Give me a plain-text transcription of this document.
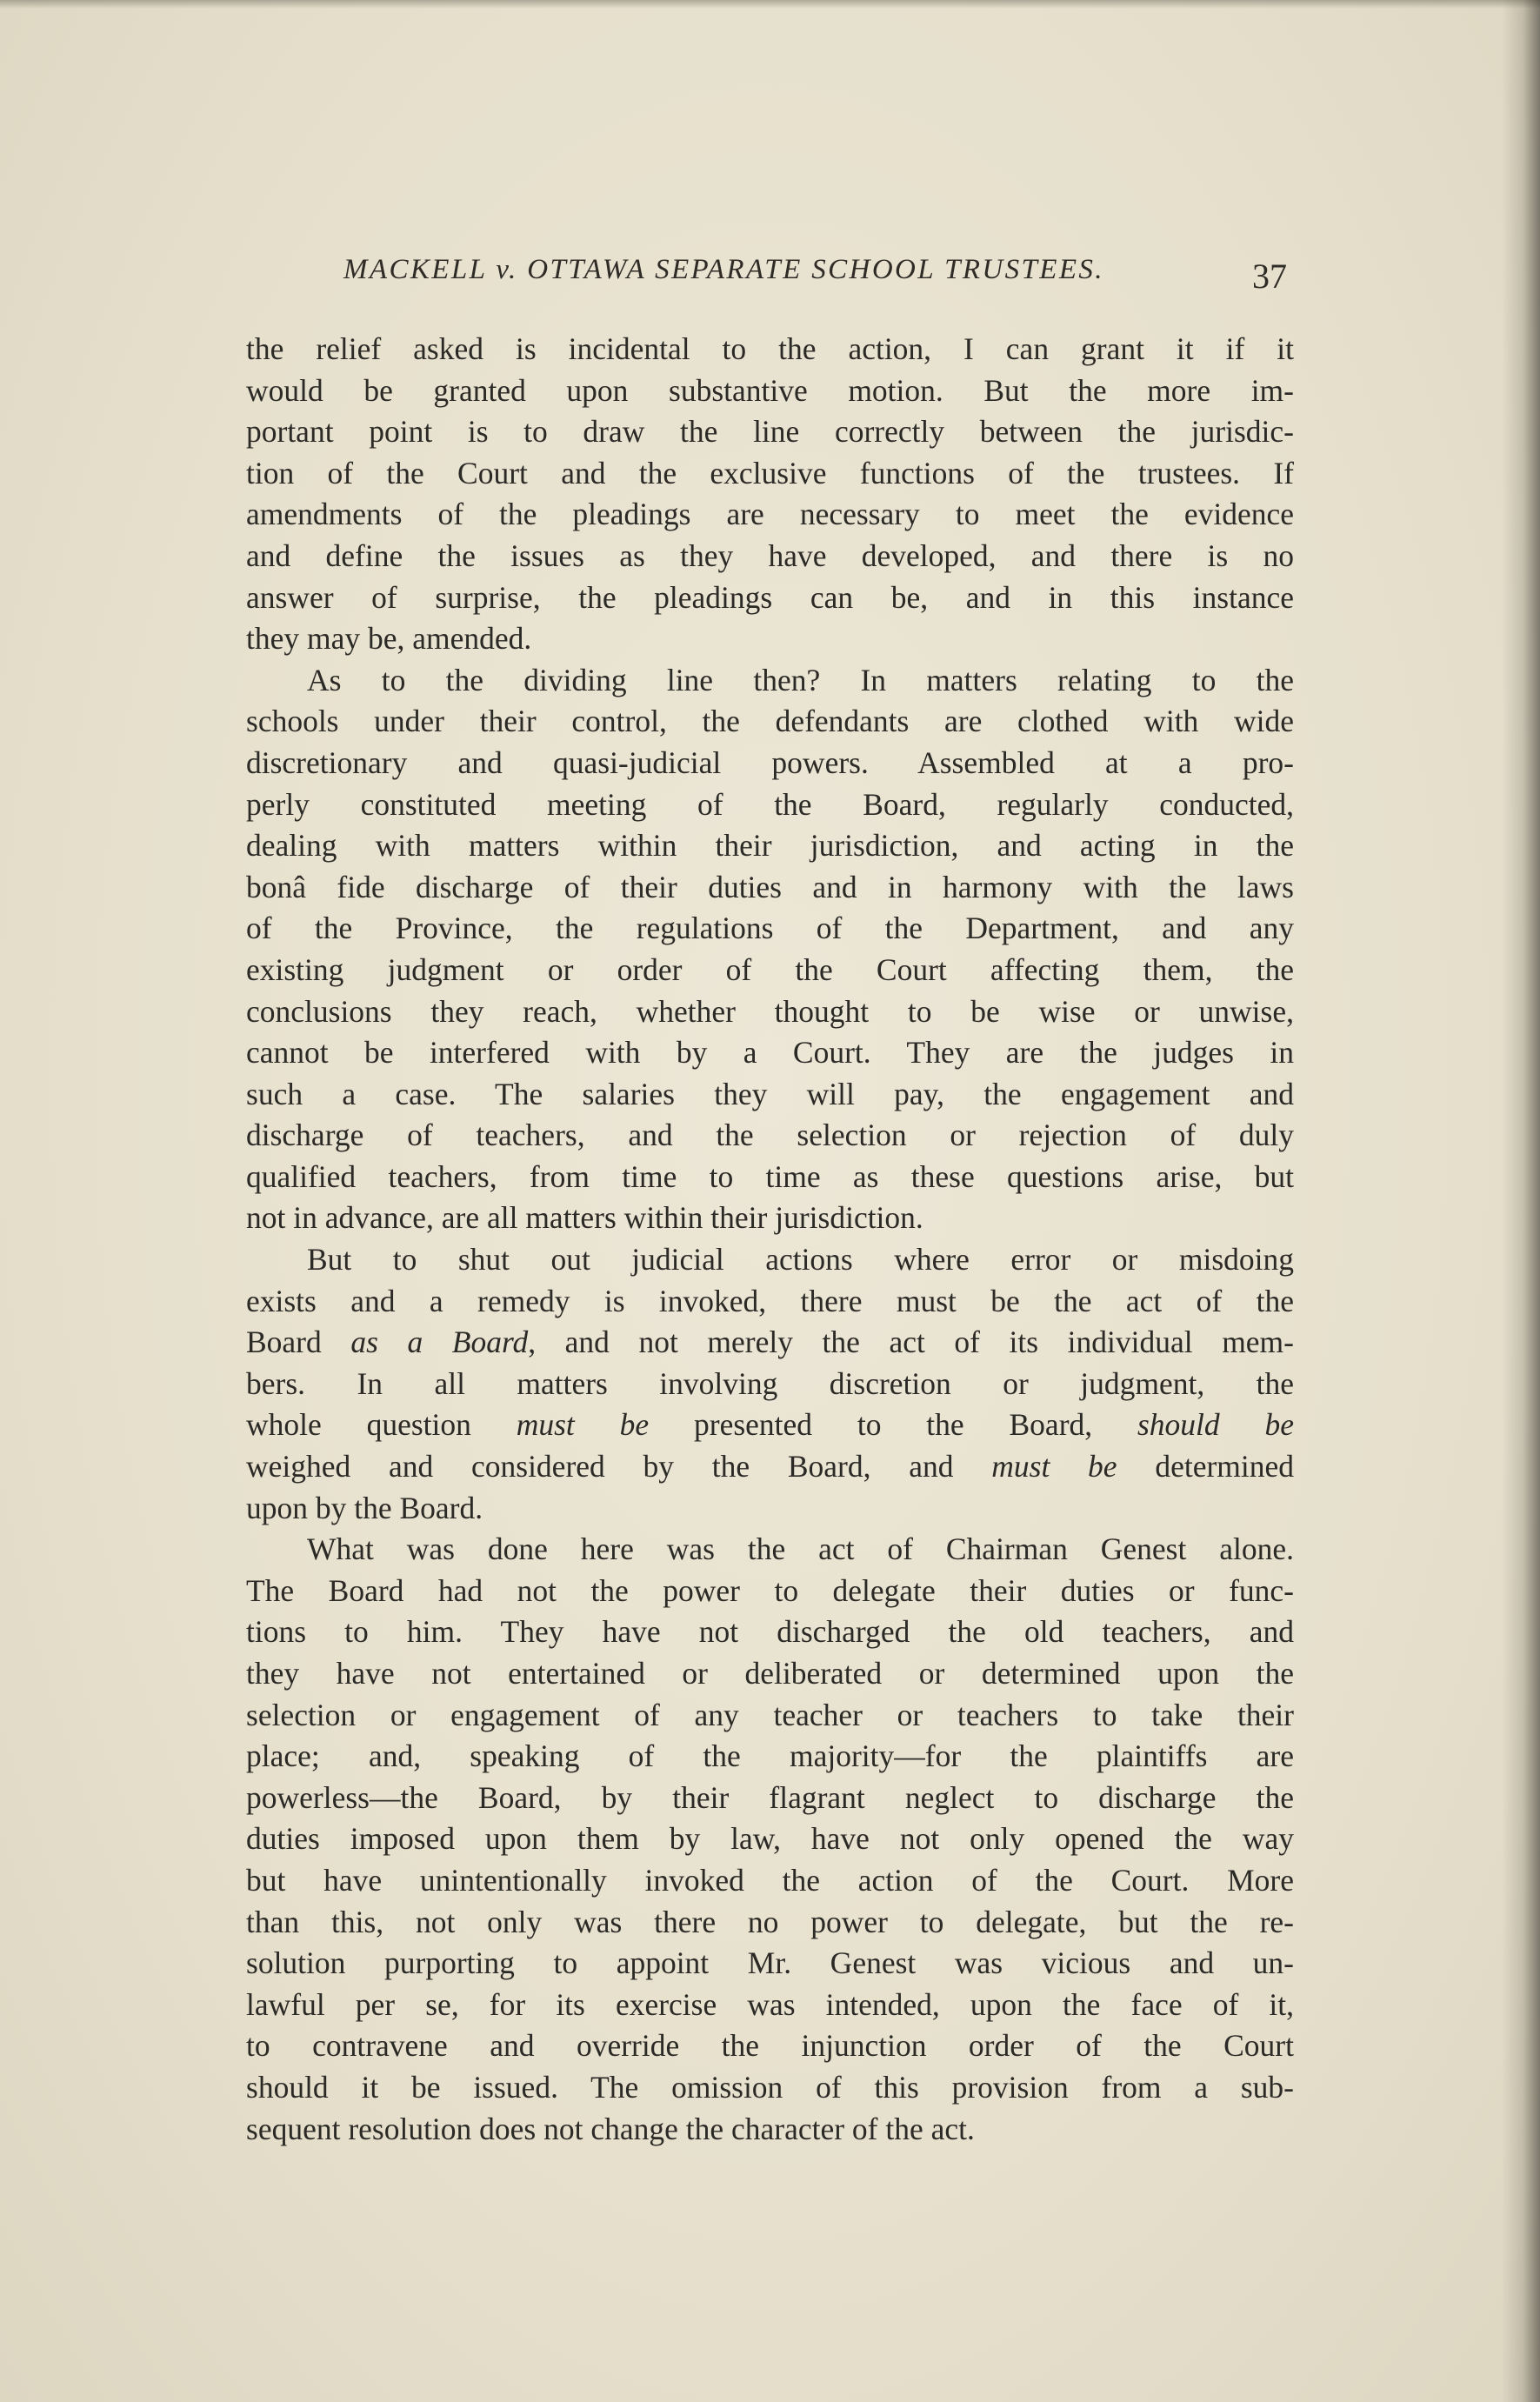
MACKELL v. OTTAWA SEPARATE SCHOOL TRUSTEES.	37
the relief asked is incidental to the action, I can grant it if it
would be granted upon substantive motion. But the more im-
portant point is to draw the line correctly between the jurisdic-
tion of the Court and the exclusive functions of the trustees. If
amendments of the pleadings are necessary to meet the evidence
and define the issues as they have developed, and there is no
answer of surprise, the pleadings can be, and in this instance
they may be, amended.
As to the dividing line then? In matters relating to the
schools under their control, the defendants are clothed with wide
discretionary and quasi-judicial powers. Assembled at a pro-
perly constituted meeting of the Board, regularly conducted,
dealing with matters within their jurisdiction, and acting in the
bonâ fide discharge of their duties and in harmony with the laws
of the Province, the regulations of the Department, and any
existing judgment or order of the Court affecting them, the
conclusions they reach, whether thought to be wise or unwise,
cannot be interfered with by a Court. They are the judges in
such a case. The salaries they will pay, the engagement and
discharge of teachers, and the selection or rejection of duly
qualified teachers, from time to time as these questions arise, but
not in advance, are all matters within their jurisdiction.
But to shut out judicial actions where error or misdoing
exists and a remedy is invoked, there must be the act of the
Board as a Board, and not merely the act of its individual mem-
bers. In all matters involving discretion or judgment, the
whole question must be presented to the Board, should be
weighed and considered by the Board, and must be determined
upon by the Board.
What was done here was the act of Chairman Genest alone.
The Board had not the power to delegate their duties or func-
tions to him. They have not discharged the old teachers, and
they have not entertained or deliberated or determined upon the
selection or engagement of any teacher or teachers to take their
place; and, speaking of the majority—for the plaintiffs are
powerless—the Board, by their flagrant neglect to discharge the
duties imposed upon them by law, have not only opened the way
but have unintentionally invoked the action of the Court. More
than this, not only was there no power to delegate, but the re-
solution purporting to appoint Mr. Genest was vicious and un-
lawful per se, for its exercise was intended, upon the face of it,
to contravene and override the injunction order of the Court
should it be issued. The omission of this provision from a sub-
sequent resolution does not change the character of the act.
